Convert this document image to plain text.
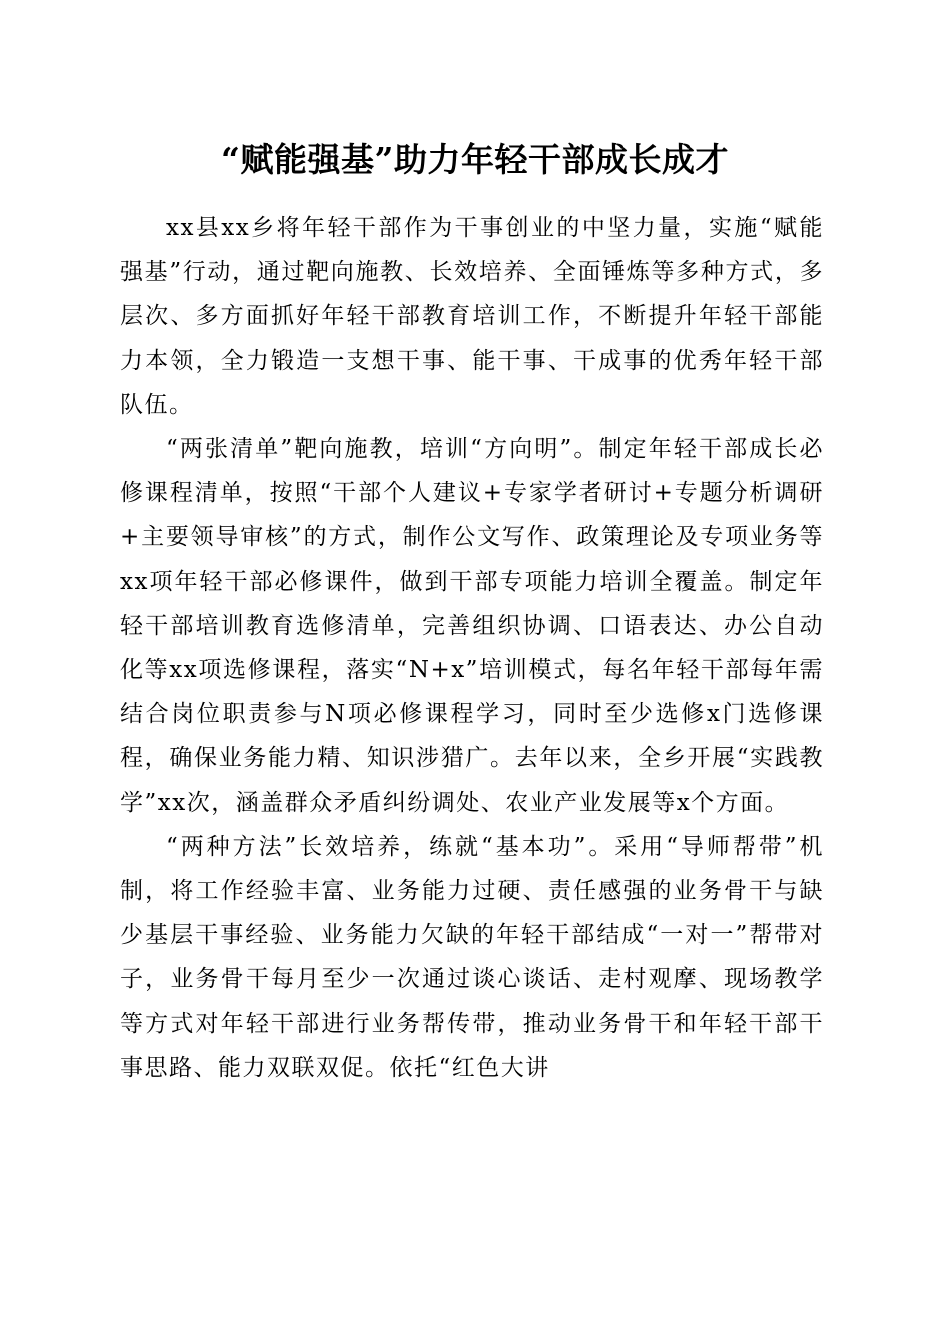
“赋能强基”助力年轻干部成长成才

xx县xx乡将年轻干部作为干事创业的中坚力量，实施“赋能强基”行动，通过靶向施教、长效培养、全面锤炼等多种方式，多层次、多方面抓好年轻干部教育培训工作，不断提升年轻干部能力本领，全力锻造一支想干事、能干事、干成事的优秀年轻干部队伍。

“两张清单”靶向施教，培训“方向明”。制定年轻干部成长必修课程清单，按照“干部个人建议+专家学者研讨+专题分析调研+主要领导审核”的方式，制作公文写作、政策理论及专项业务等xx项年轻干部必修课件，做到干部专项能力培训全覆盖。制定年轻干部培训教育选修清单，完善组织协调、口语表达、办公自动化等xx项选修课程，落实“N+x”培训模式，每名年轻干部每年需结合岗位职责参与N项必修课程学习，同时至少选修x门选修课程，确保业务能力精、知识涉猎广。去年以来，全乡开展“实践教学”xx次，涵盖群众矛盾纠纷调处、农业产业发展等x个方面。

“两种方法”长效培养，练就“基本功”。采用“导师帮带”机制，将工作经验丰富、业务能力过硬、责任感强的业务骨干与缺少基层干事经验、业务能力欠缺的年轻干部结成“一对一”帮带对子，业务骨干每月至少一次通过谈心谈话、走村观摩、现场教学等方式对年轻干部进行业务帮传带，推动业务骨干和年轻干部干事思路、能力双联双促。依托“红色大讲
